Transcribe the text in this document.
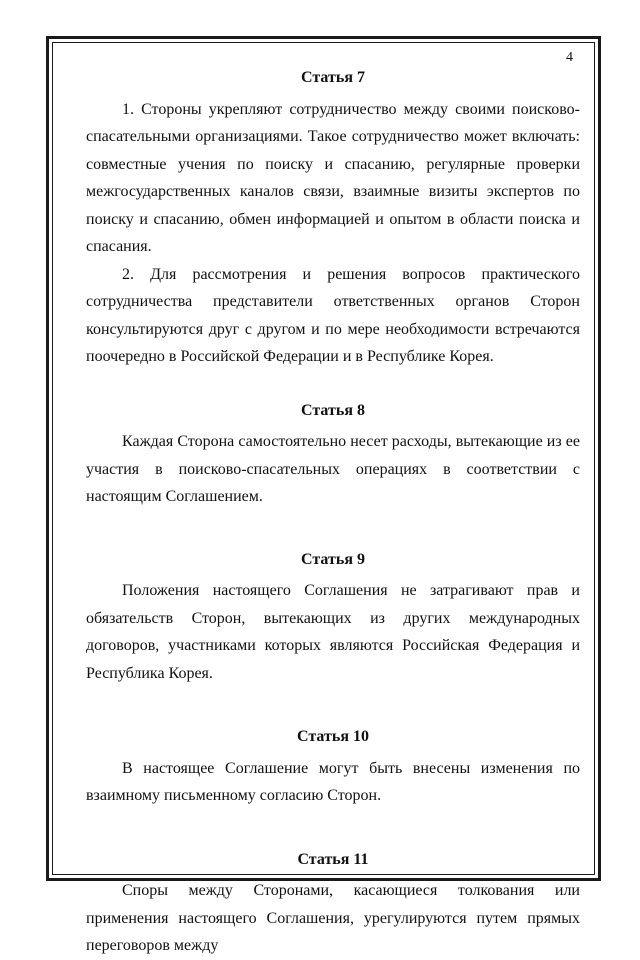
4
Статья 7

1. Стороны укрепляют сотрудничество между своими поисково-спасательными организациями. Такое сотрудничество может включать: совместные учения по поиску и спасанию, регулярные проверки межгосударственных каналов связи, взаимные визиты экспертов по поиску и спасанию, обмен информацией и опытом в области поиска и спасания.

2. Для рассмотрения и решения вопросов практического сотрудничества представители ответственных органов Сторон консультируются друг с другом и по мере необходимости встречаются поочередно в Российской Федерации и в Республике Корея.

Статья 8

Каждая Сторона самостоятельно несет расходы, вытекающие из ее участия в поисково-спасательных операциях в соответствии с настоящим Соглашением.

Статья 9

Положения настоящего Соглашения не затрагивают прав и обязательств Сторон, вытекающих из других международных договоров, участниками которых являются Российская Федерация и Республика Корея.

Статья 10

В настоящее Соглашение могут быть внесены изменения по взаимному письменному согласию Сторон.

Статья 11

Споры между Сторонами, касающиеся толкования или применения настоящего Соглашения, урегулируются путем прямых переговоров между
